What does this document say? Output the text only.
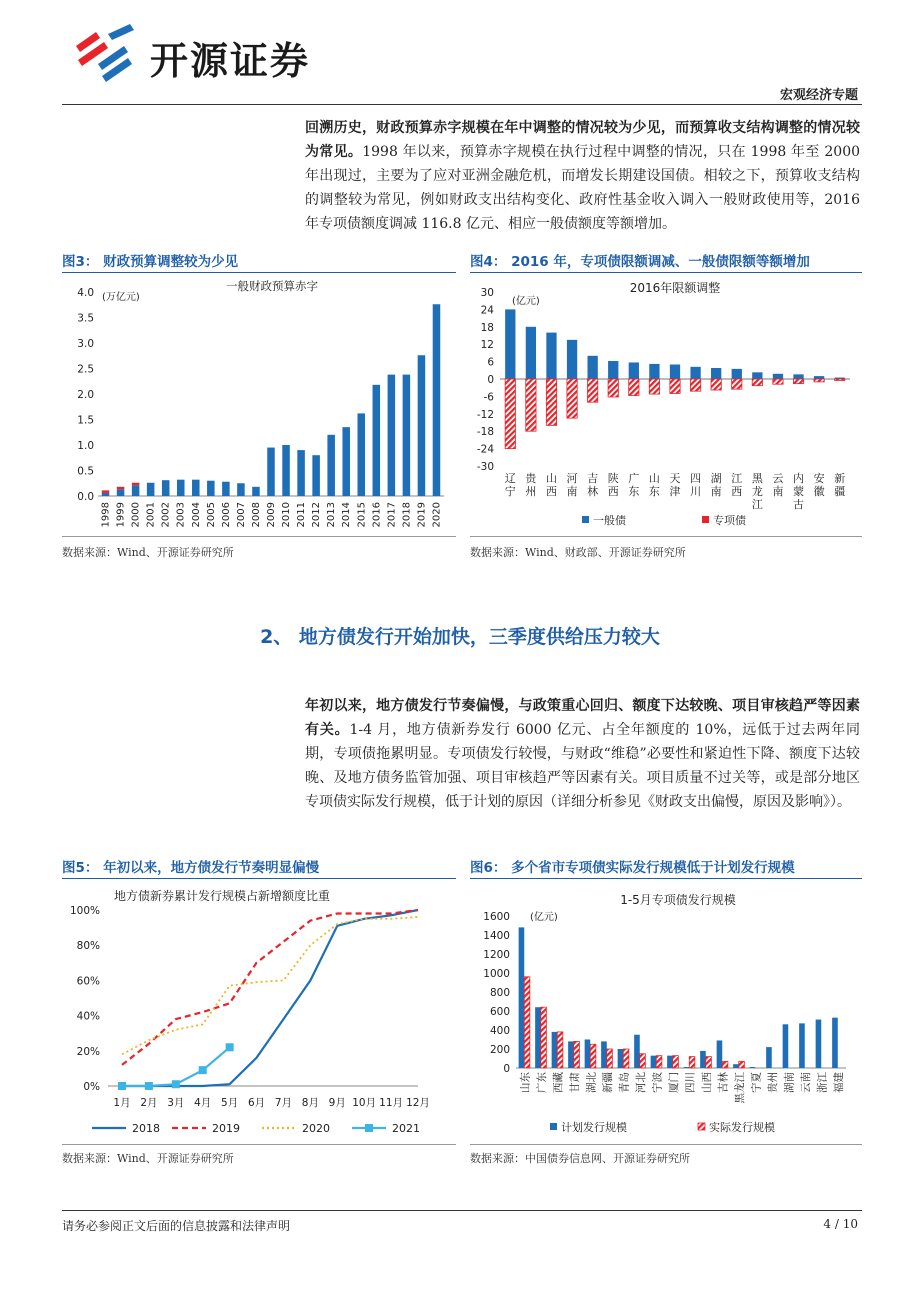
开源证券
宏观经济专题
回溯历史，财政预算赤字规模在年中调整的情况较为少见，而预算收支结构调整的情况较为常见。1998 年以来，预算赤字规模在执行过程中调整的情况，只在 1998 年至 2000 年出现过，主要为了应对亚洲金融危机，而增发长期建设国债。相较之下，预算收支结构的调整较为常见，例如财政支出结构变化、政府性基金收入调入一般财政使用等，2016 年专项债额度调减 116.8 亿元、相应一般债额度等额增加。
图3： 财政预算调整较为少见
一般财政预算赤字
(万亿元)
4.0
3.5
3.0
2.5
2.0
1.5
1.0
0.5
0.0
1998 1999 2000 2001 2002 2003 2004 2005 2006 2007 2008 2009 2010 2011 2012 2013 2014 2015 2016 2017 2018 2019 2020
数据来源：Wind、开源证券研究所
图4： 2016 年，专项债限额调减、一般债限额等额增加
2016年限额调整
(亿元)
30
24
18
12
6
0
-6
-12
-18
-24
-30
辽
宁
贵
州
山
西
河
南
吉
林
陕
西
广
东
山
东
天
津
四
川
湖
南
江
西
黑
龙
江
云
南
内
蒙
古
安
徽
新
疆
一般债	专项债
数据来源：Wind、财政部、开源证券研究所
2、 地方债发行开始加快，三季度供给压力较大
年初以来，地方债发行节奏偏慢，与政策重心回归、额度下达较晚、项目审核趋严等因素有关。1-4 月，地方债新券发行 6000 亿元、占全年额度的 10%，远低于过去两年同期，专项债拖累明显。专项债发行较慢，与财政“维稳”必要性和紧迫性下降、额度下达较晚、及地方债务监管加强、项目审核趋严等因素有关。项目质量不过关等，或是部分地区专项债实际发行规模，低于计划的原因（详细分析参见《财政支出偏慢，原因及影响》）。
图5： 年初以来，地方债发行节奏明显偏慢
地方债新券累计发行规模占新增额度比重
100%
80%
60%
40%
20%
0%
1月 2月 3月 4月 5月 6月 7月 8月 9月 10月 11月 12月
2018	2019	2020	2021
数据来源：Wind、开源证券研究所
图6： 多个省市专项债实际发行规模低于计划发行规模
1-5月专项债发行规模
(亿元)
1600
1400
1200
1000
800
600
400
200
0
山东 广东 西藏 甘肃 湖北 新疆 青岛 河北 宁波 厦门 四川 山西 吉林 黑龙江 宁夏 贵州 湖南 云南 浙江 福建
计划发行规模	实际发行规模
数据来源：中国债券信息网、开源证券研究所
请务必参阅正文后面的信息披露和法律声明	4 / 10
